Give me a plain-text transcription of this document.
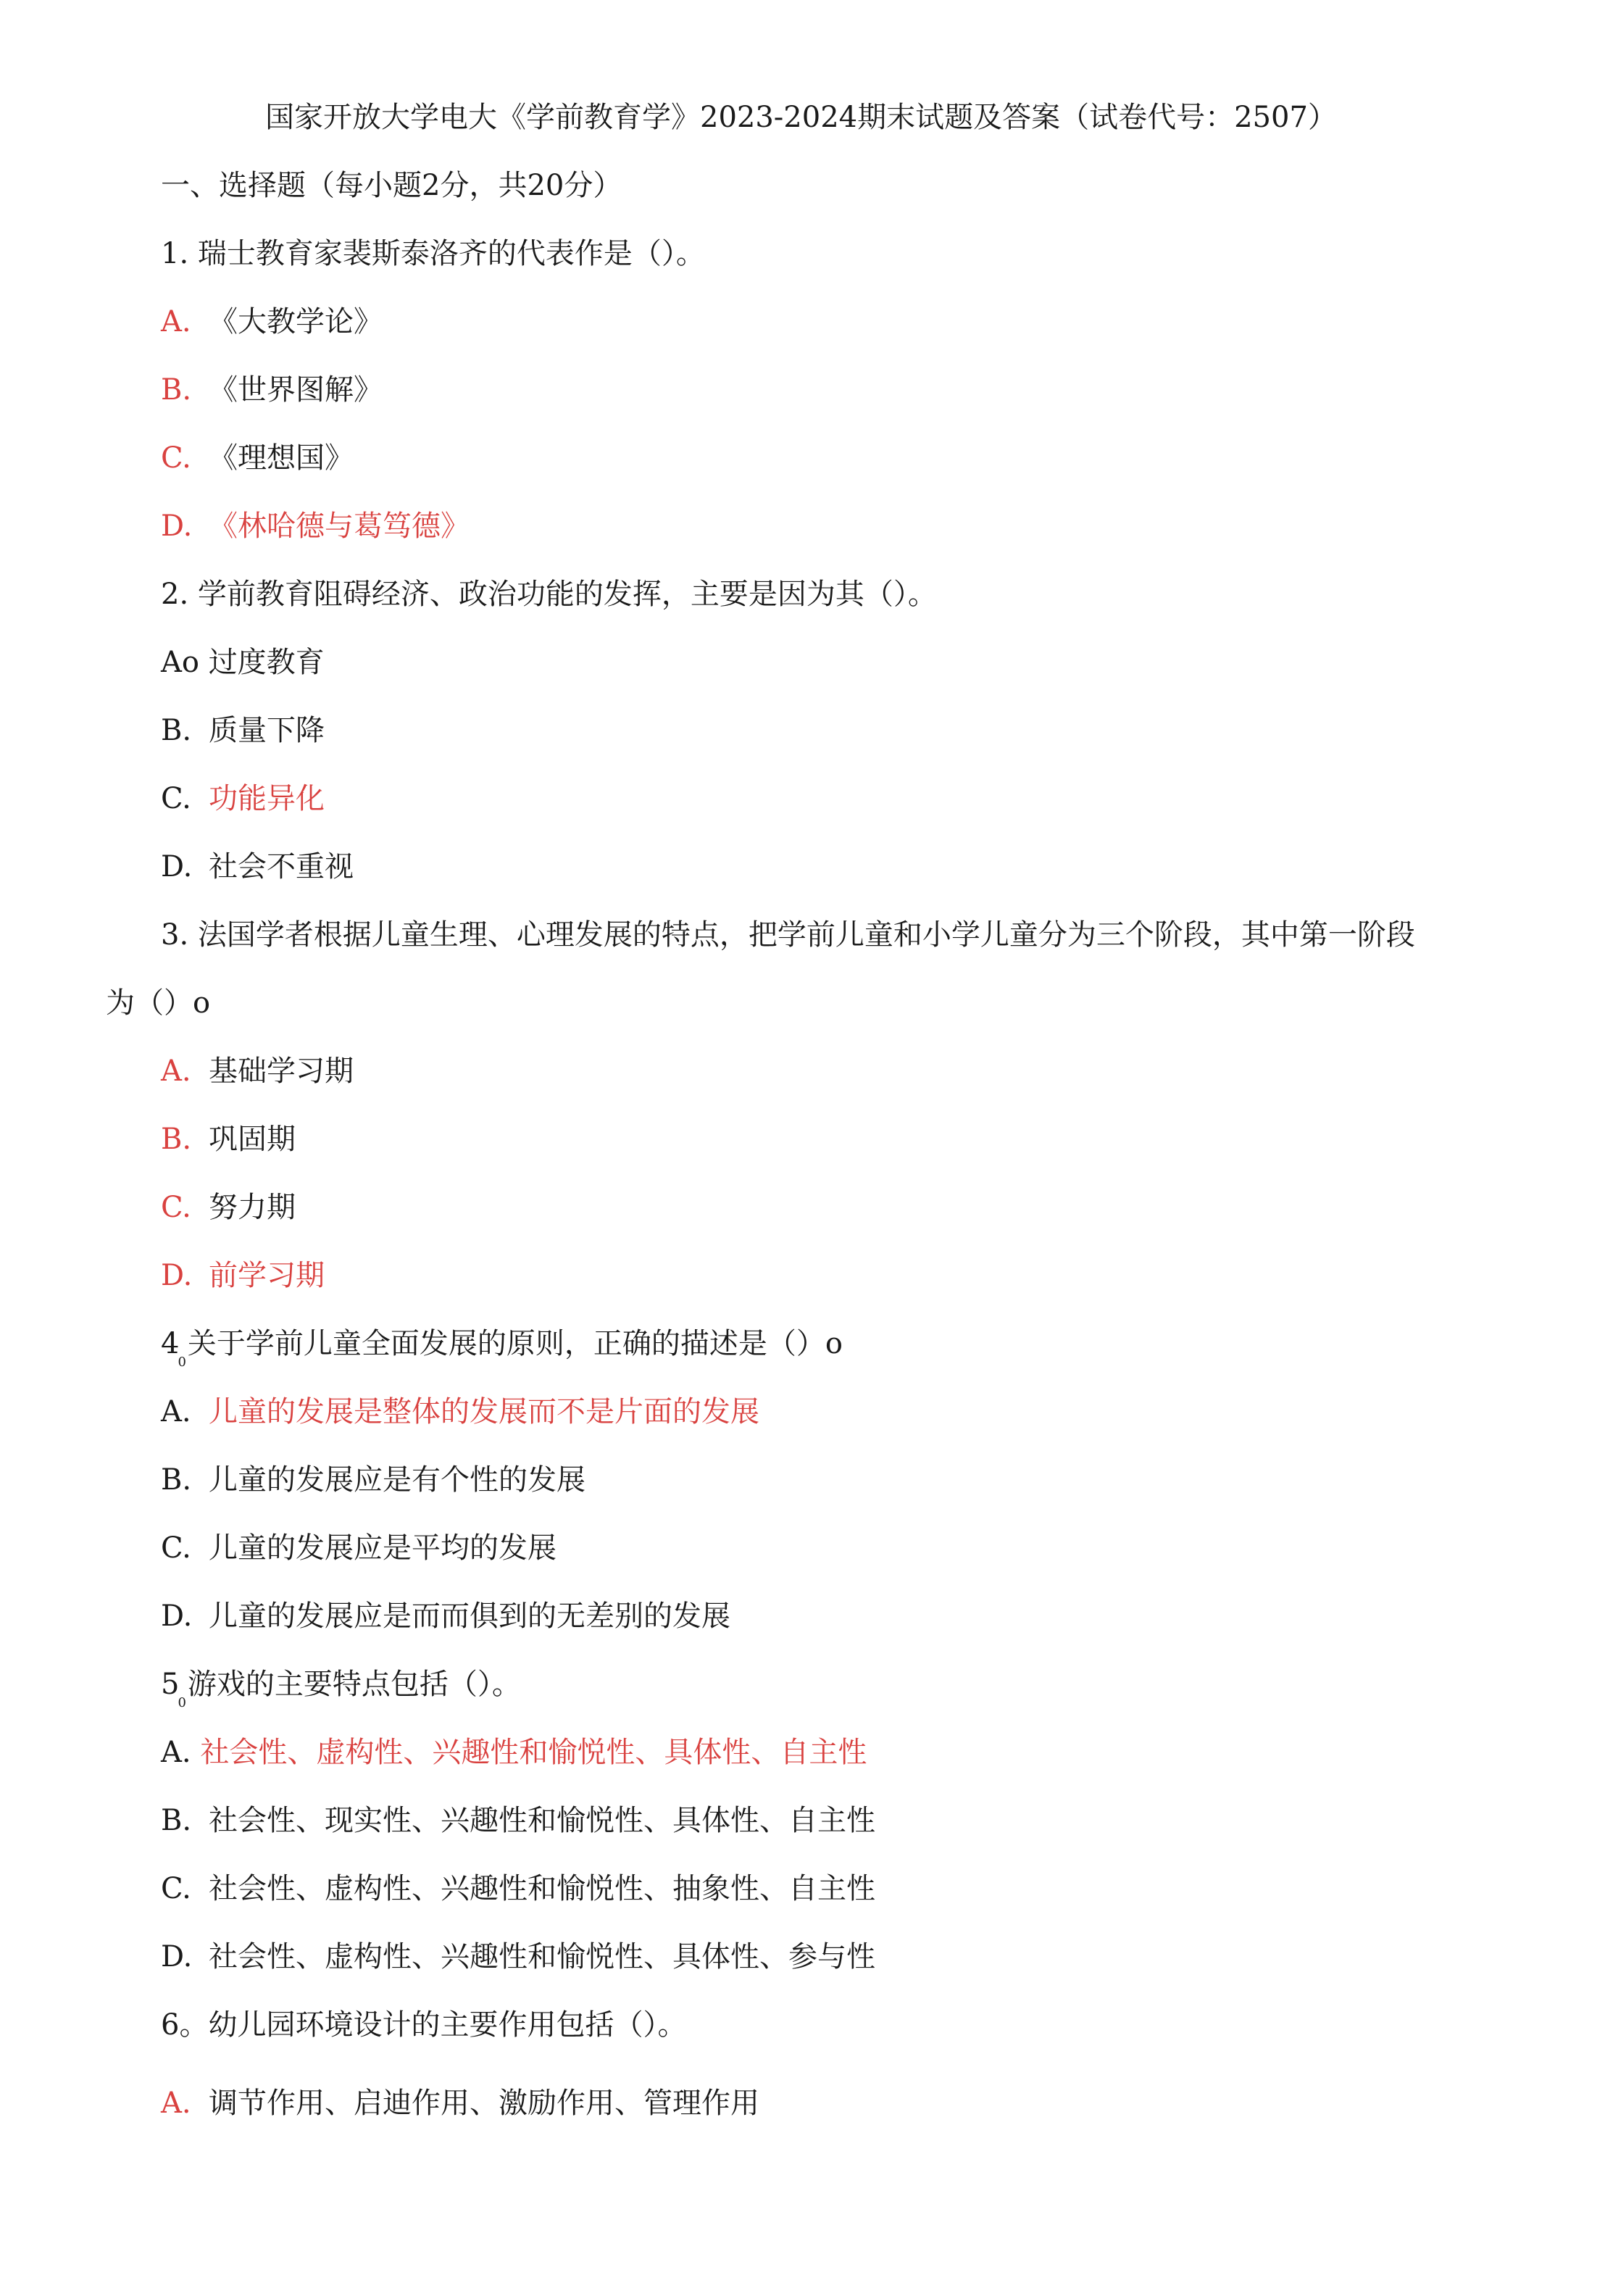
国家开放大学电大《学前教育学》2023-2024期末试题及答案（试卷代号：2507）
一、选择题（每小题2分，共20分）
1. 瑞士教育家裴斯泰洛齐的代表作是（）。
A. 《大教学论》
B. 《世界图解》
C. 《理想国》
D. 《林哈德与葛笃德》
2. 学前教育阻碍经济、政治功能的发挥，主要是因为其（）。
Ao 过度教育
B. 质量下降
C. 功能异化
D. 社会不重视
3. 法国学者根据儿童生理、心理发展的特点，把学前儿童和小学儿童分为三个阶段，其中第一阶段
为（）o
A. 基础学习期
B. 巩固期
C. 努力期
D. 前学习期
$4_0$关于学前儿童全面发展的原则，正确的描述是（）o
A. 儿童的发展是整体的发展而不是片面的发展
B. 儿童的发展应是有个性的发展
C. 儿童的发展应是平均的发展
D. 儿童的发展应是而而俱到的无差别的发展
$5_0$游戏的主要特点包括（）。
A. 社会性、虚构性、兴趣性和愉悦性、具体性、自主性
B. 社会性、现实性、兴趣性和愉悦性、具体性、自主性
C. 社会性、虚构性、兴趣性和愉悦性、抽象性、自主性
D. 社会性、虚构性、兴趣性和愉悦性、具体性、参与性
6。幼儿园环境设计的主要作用包括（）。
A. 调节作用、启迪作用、激励作用、管理作用
